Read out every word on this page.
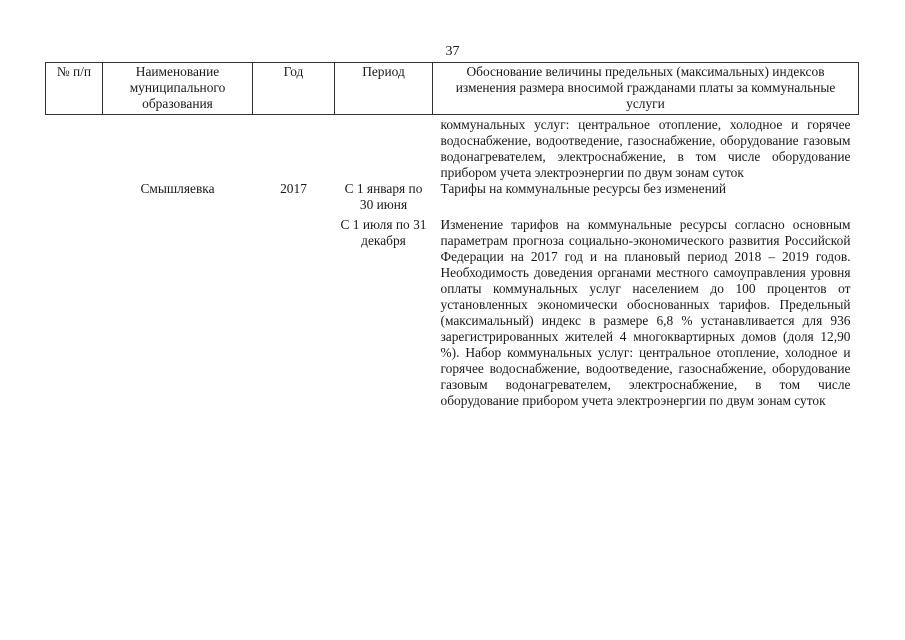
37
№ п/п	Наименование муниципального образования	Год	Период	Обоснование величины предельных (максимальных) индексов изменения размера вносимой гражданами платы за коммунальные услуги

				коммунальных услуг: центральное отопление, холодное и горячее водоснабжение, водоотведение, газоснабжение, оборудование газовым водонагревателем, электроснабжение, в том числе оборудование прибором учета электроэнергии по двум зонам суток
	Смышляевка	2017	С 1 января по 30 июня	Тарифы на коммунальные ресурсы без изменений
			С 1 июля по 31 декабря	Изменение тарифов на коммунальные ресурсы согласно основным параметрам прогноза социально-экономического развития Российской Федерации на 2017 год и на плановый период 2018 – 2019 годов. Необходимость доведения органами местного самоуправления уровня оплаты коммунальных услуг населением до 100 процентов от установленных экономически обоснованных тарифов. Предельный (максимальный) индекс в размере 6,8 % устанавливается для 936 зарегистрированных жителей 4 многоквартирных домов (доля 12,90 %). Набор коммунальных услуг: центральное отопление, холодное и горячее водоснабжение, водоотведение, газоснабжение, оборудование газовым водонагревателем, электроснабжение, в том числе оборудование прибором учета электроэнергии по двум зонам суток
